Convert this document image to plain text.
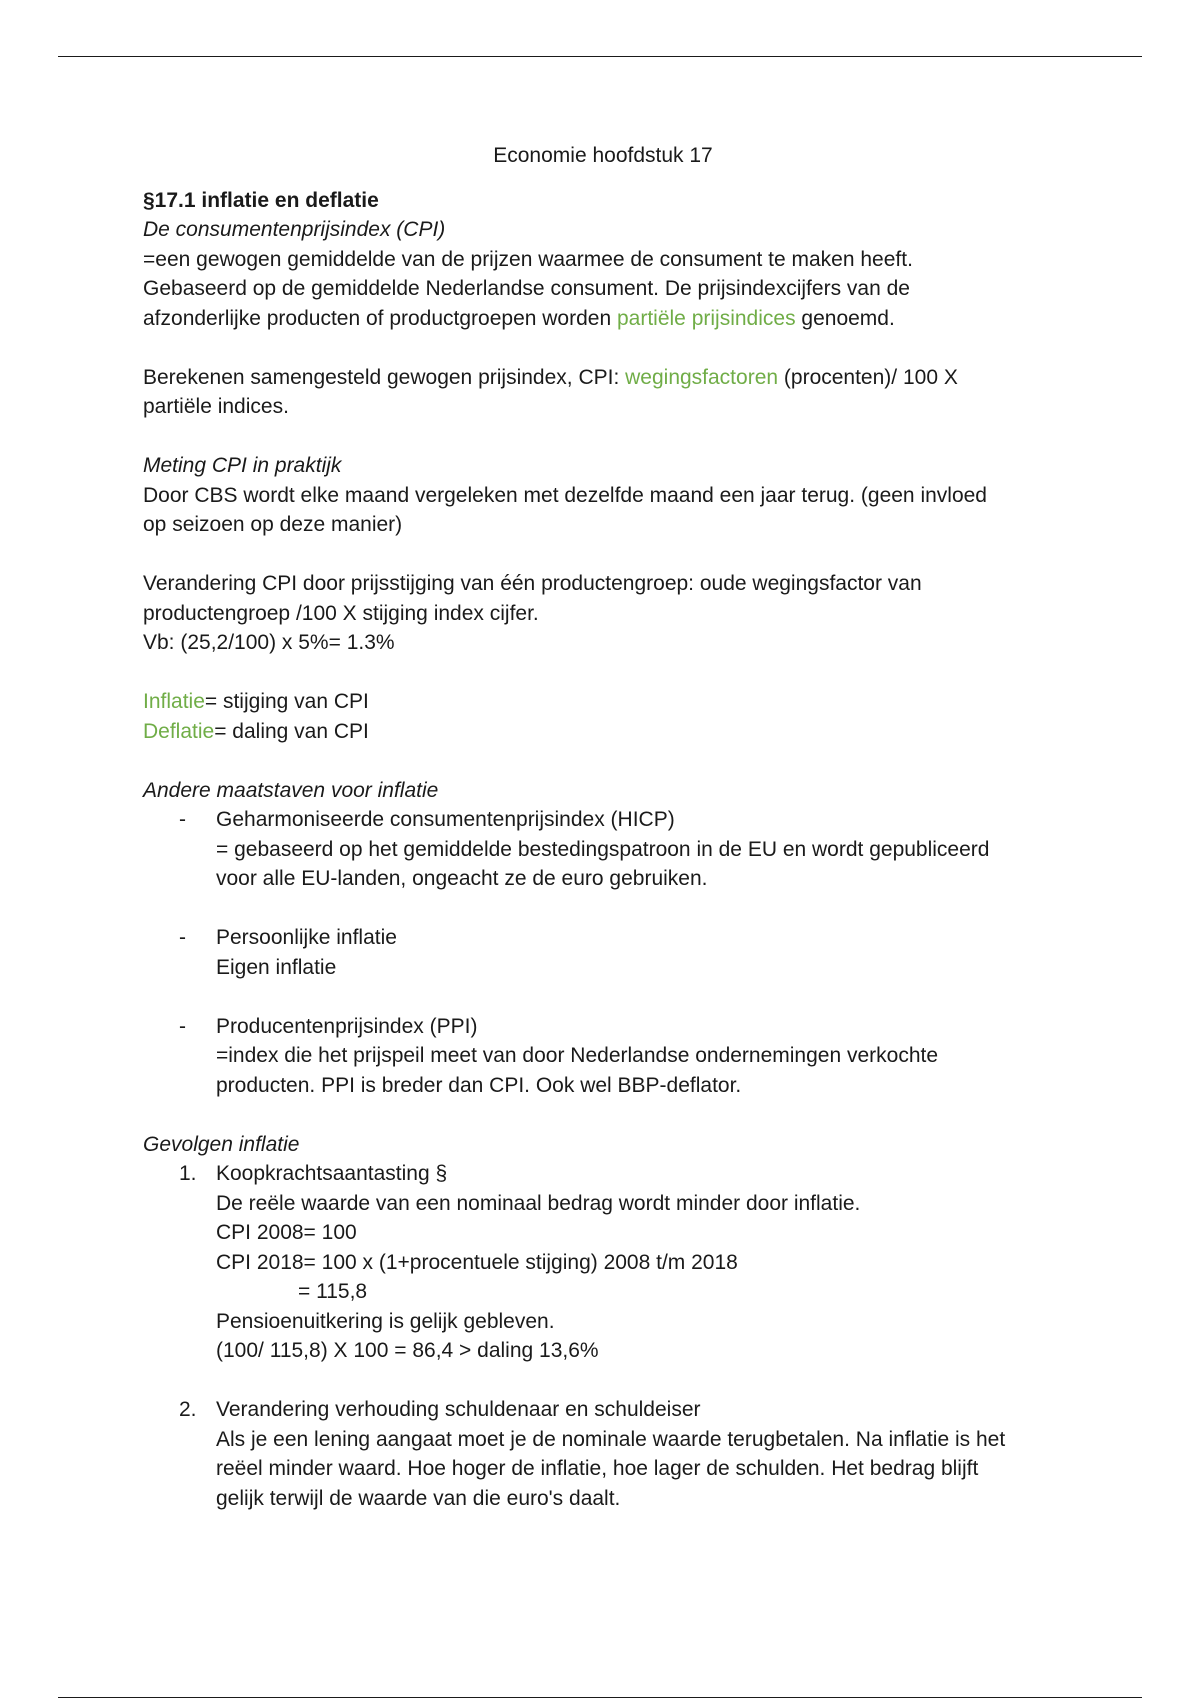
Economie hoofdstuk 17

§17.1 inflatie en deflatie

De consumentenprijsindex (CPI)

=een gewogen gemiddelde van de prijzen waarmee de consument te maken heeft.

Gebaseerd op de gemiddelde Nederlandse consument. De prijsindexcijfers van de

afzonderlijke producten of productgroepen worden partiële prijsindices genoemd.

Berekenen samengesteld gewogen prijsindex, CPI: wegingsfactoren (procenten)/ 100 X

partiële indices.

Meting CPI in praktijk

Door CBS wordt elke maand vergeleken met dezelfde maand een jaar terug. (geen invloed

op seizoen op deze manier)

Verandering CPI door prijsstijging van één productengroep: oude wegingsfactor van

productengroep /100 X stijging index cijfer.

Vb: (25,2/100) x 5%= 1.3%

Inflatie= stijging van CPI

Deflatie= daling van CPI

Andere maatstaven voor inflatie

- Geharmoniseerde consumentenprijsindex (HICP)

= gebaseerd op het gemiddelde bestedingspatroon in de EU en wordt gepubliceerd

voor alle EU-landen, ongeacht ze de euro gebruiken.

- Persoonlijke inflatie

Eigen inflatie

- Producentenprijsindex (PPI)

=index die het prijspeil meet van door Nederlandse ondernemingen verkochte

producten. PPI is breder dan CPI. Ook wel BBP-deflator.

Gevolgen inflatie

1. Koopkrachtsaantasting §

De reële waarde van een nominaal bedrag wordt minder door inflatie.

CPI 2008= 100

CPI 2018= 100 x (1+procentuele stijging) 2008 t/m 2018

= 115,8

Pensioenuitkering is gelijk gebleven.

(100/ 115,8) X 100 = 86,4 > daling 13,6%

2. Verandering verhouding schuldenaar en schuldeiser

Als je een lening aangaat moet je de nominale waarde terugbetalen. Na inflatie is het

reëel minder waard. Hoe hoger de inflatie, hoe lager de schulden. Het bedrag blijft

gelijk terwijl de waarde van die euro's daalt.
